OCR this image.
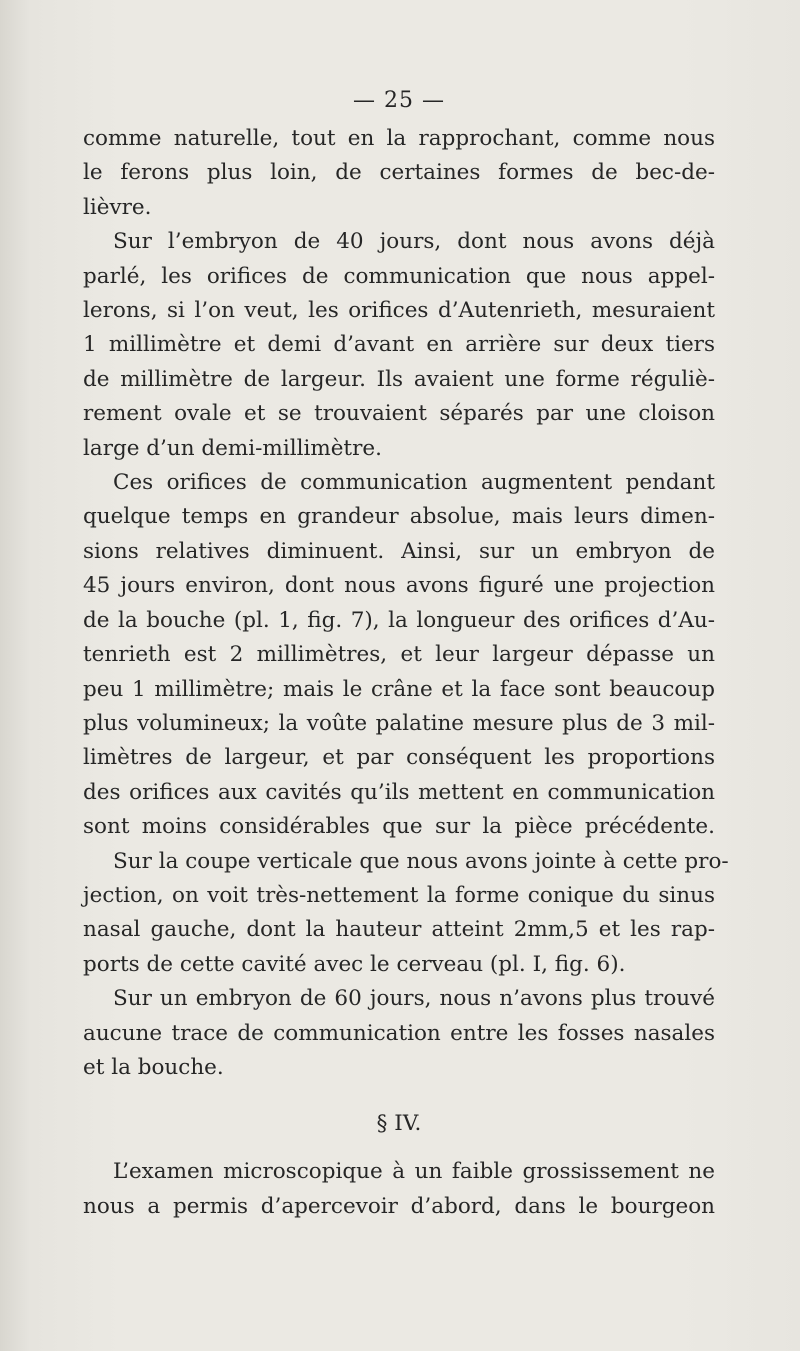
— 25 —
comme naturelle, tout en la rapprochant, comme nous
le ferons plus loin, de certaines formes de bec-de-
lièvre.
Sur l’embryon de 40 jours, dont nous avons déjà
parlé, les orifices de communication que nous appel-
lerons, si l’on veut, les orifices d’Autenrieth, mesuraient
1 millimètre et demi d’avant en arrière sur deux tiers
de millimètre de largeur. Ils avaient une forme réguliè-
rement ovale et se trouvaient séparés par une cloison
large d’un demi-millimètre.
Ces orifices de communication augmentent pendant
quelque temps en grandeur absolue, mais leurs dimen-
sions relatives diminuent. Ainsi, sur un embryon de
45 jours environ, dont nous avons figuré une projection
de la bouche (pl. 1, fig. 7), la longueur des orifices d’Au-
tenrieth est 2 millimètres, et leur largeur dépasse un
peu 1 millimètre; mais le crâne et la face sont beaucoup
plus volumineux; la voûte palatine mesure plus de 3 mil-
limètres de largeur, et par conséquent les proportions
des orifices aux cavités qu’ils mettent en communication
sont moins considérables que sur la pièce précédente.
Sur la coupe verticale que nous avons jointe à cette pro-
jection, on voit très-nettement la forme conique du sinus
nasal gauche, dont la hauteur atteint 2mm,5 et les rap-
ports de cette cavité avec le cerveau (pl. I, fig. 6).
Sur un embryon de 60 jours, nous n’avons plus trouvé
aucune trace de communication entre les fosses nasales
et la bouche.
§ IV.
L’examen microscopique à un faible grossissement ne
nous a permis d’apercevoir d’abord, dans le bourgeon
